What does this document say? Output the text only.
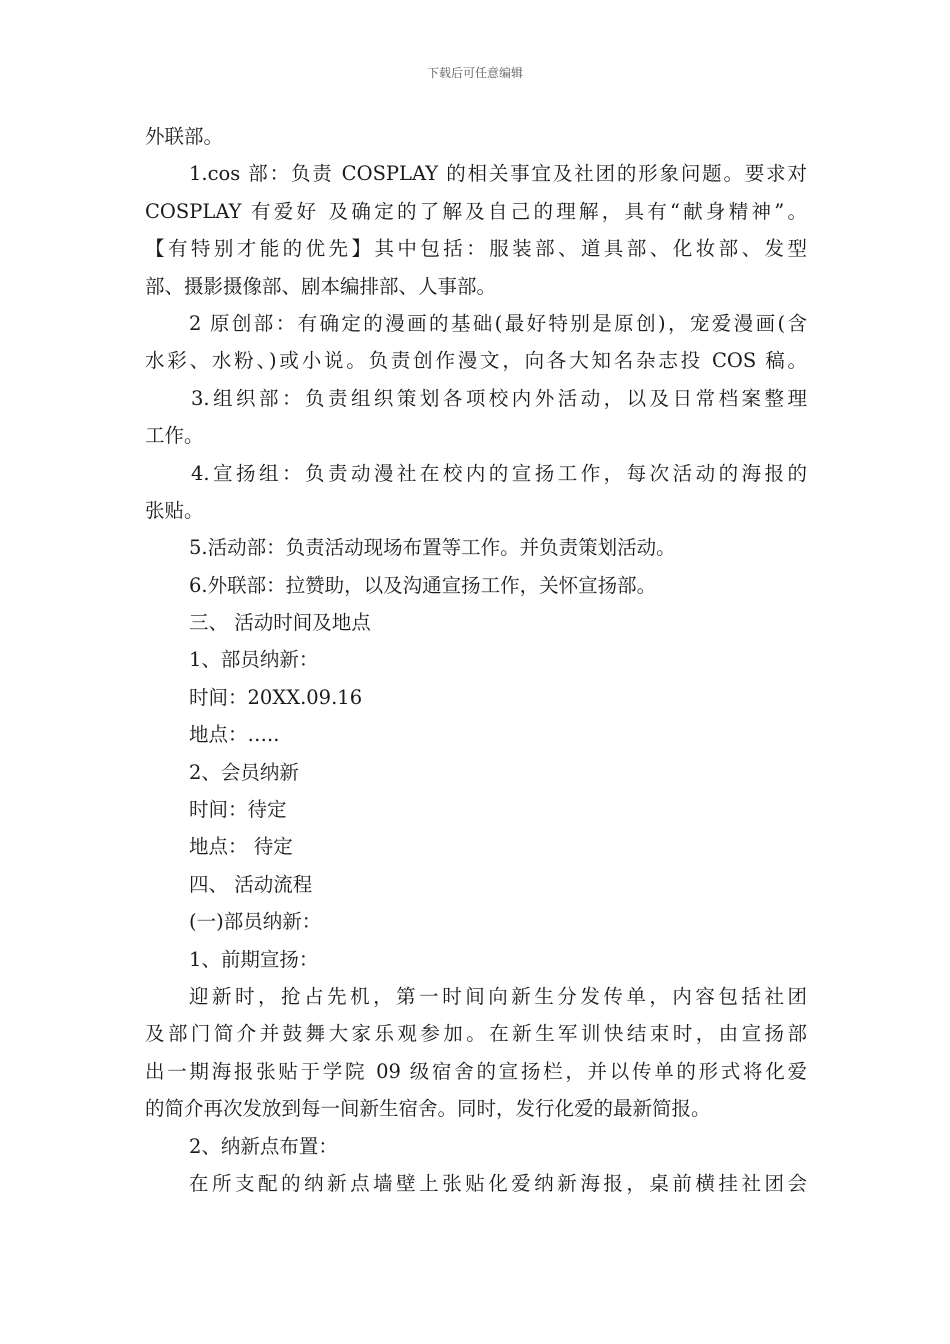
下载后可任意编辑
外联部。
1.cos 部：负责 COSPLAY 的相关事宜及社团的形象问题。要求对
COSPLAY 有爱好 及确定的了解及自己的理解，具有“献身精神”。
【有特别才能的优先】其中包括：服装部、道具部、化妆部、发型
部、摄影摄像部、剧本编排部、人事部。
2 原创部：有确定的漫画的基础(最好特别是原创)，宠爱漫画(含
水彩、水粉、)或小说。负责创作漫文，向各大知名杂志投 COS 稿。
3.组织部：负责组织策划各项校内外活动，以及日常档案整理
工作。
4.宣扬组：负责动漫社在校内的宣扬工作，每次活动的海报的
张贴。
5.活动部：负责活动现场布置等工作。并负责策划活动。
6.外联部：拉赞助，以及沟通宣扬工作，关怀宣扬部。
三、 活动时间及地点
1、部员纳新：
时间：20XX.09.16
地点：…..
2、会员纳新
时间：待定
地点： 待定
四、 活动流程
(一)部员纳新：
1、前期宣扬：
迎新时，抢占先机，第一时间向新生分发传单，内容包括社团
及部门简介并鼓舞大家乐观参加。在新生军训快结束时，由宣扬部
出一期海报张贴于学院 09 级宿舍的宣扬栏，并以传单的形式将化爱
的简介再次发放到每一间新生宿舍。同时，发行化爱的最新简报。
2、纳新点布置：
在所支配的纳新点墙壁上张贴化爱纳新海报，桌前横挂社团会
